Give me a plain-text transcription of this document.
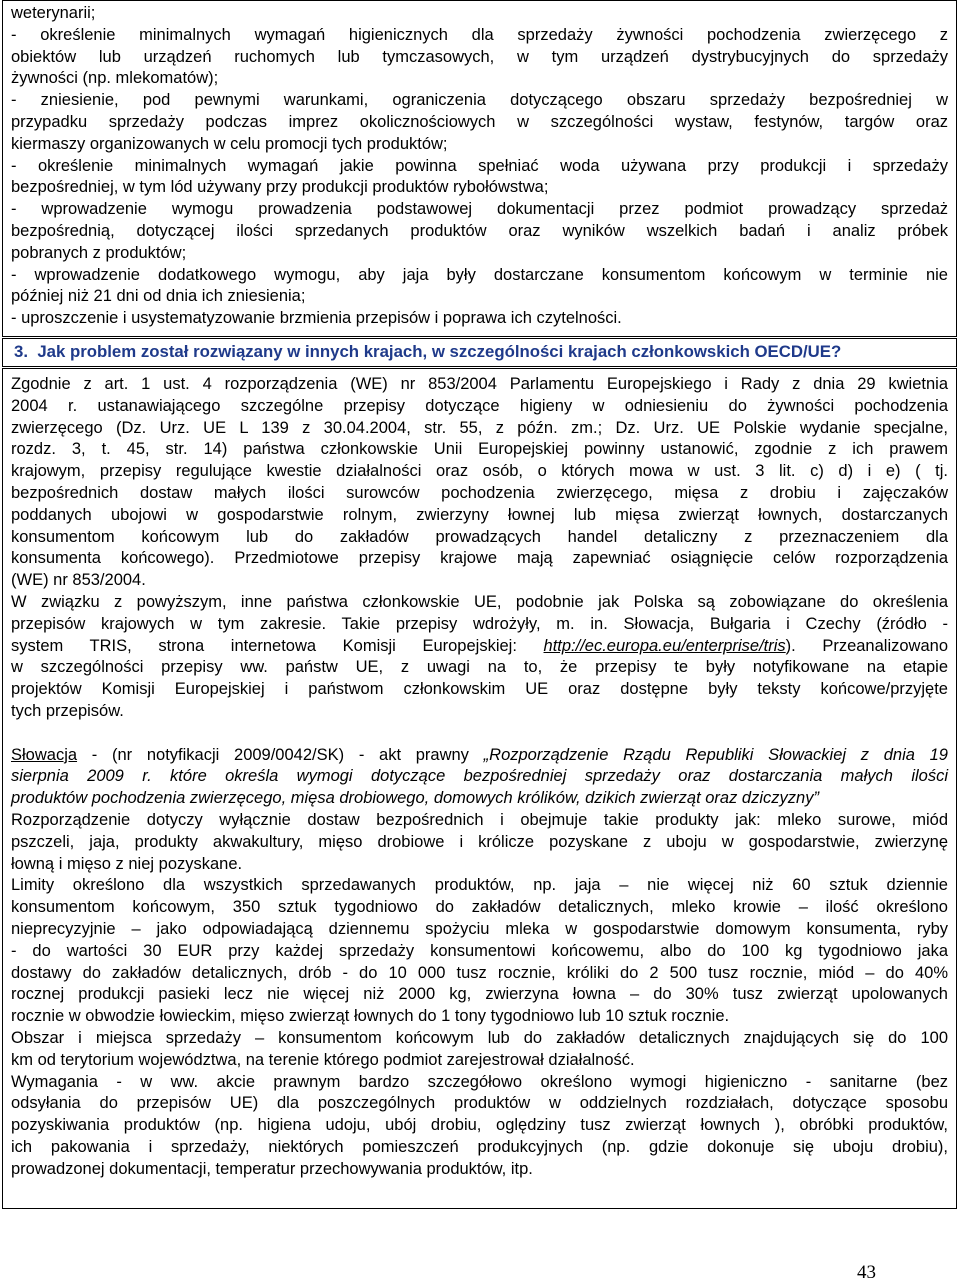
weterynarii;
- określenie minimalnych wymagań higienicznych dla sprzedaży żywności pochodzenia zwierzęcego z
obiektów lub urządzeń ruchomych lub tymczasowych, w tym urządzeń dystrybucyjnych do sprzedaży
żywności (np. mlekomatów);
- zniesienie, pod pewnymi warunkami, ograniczenia dotyczącego obszaru sprzedaży bezpośredniej w
przypadku sprzedaży podczas imprez okolicznościowych w szczególności wystaw, festynów, targów oraz
kiermaszy organizowanych w celu promocji tych produktów;
- określenie minimalnych wymagań jakie powinna spełniać woda używana przy produkcji i sprzedaży
bezpośredniej, w tym lód używany przy produkcji produktów rybołówstwa;
- wprowadzenie wymogu prowadzenia podstawowej dokumentacji przez podmiot prowadzący sprzedaż
bezpośrednią, dotyczącej ilości sprzedanych produktów oraz wyników wszelkich badań i analiz próbek
pobranych z produktów;
- wprowadzenie dodatkowego wymogu, aby jaja były dostarczane konsumentom końcowym w terminie nie
później niż 21 dni od dnia ich zniesienia;
- uproszczenie i usystematyzowanie brzmienia przepisów i poprawa ich czytelności.
3. Jak problem został rozwiązany w innych krajach, w szczególności krajach członkowskich OECD/UE?
Zgodnie z art. 1 ust. 4 rozporządzenia (WE) nr 853/2004 Parlamentu Europejskiego i Rady z dnia 29 kwietnia
2004 r. ustanawiającego szczególne przepisy dotyczące higieny w odniesieniu do żywności pochodzenia
zwierzęcego (Dz. Urz. UE L 139 z 30.04.2004, str. 55, z późn. zm.; Dz. Urz. UE Polskie wydanie specjalne,
rozdz. 3, t. 45, str. 14) państwa członkowskie Unii Europejskiej powinny ustanowić, zgodnie z ich prawem
krajowym, przepisy regulujące kwestie działalności oraz osób, o których mowa w ust. 3 lit. c) d) i e) ( tj.
bezpośrednich dostaw małych ilości surowców pochodzenia zwierzęcego, mięsa z drobiu i zajęczaków
poddanych ubojowi w gospodarstwie rolnym, zwierzyny łownej lub mięsa zwierząt łownych, dostarczanych
konsumentom końcowym lub do zakładów prowadzących handel detaliczny z przeznaczeniem dla
konsumenta końcowego). Przedmiotowe przepisy krajowe mają zapewniać osiągnięcie celów rozporządzenia
(WE) nr 853/2004.
W związku z powyższym, inne państwa członkowskie UE, podobnie jak Polska są zobowiązane do określenia
przepisów krajowych w tym zakresie. Takie przepisy wdrożyły, m. in. Słowacja, Bułgaria i Czechy (źródło -
system TRIS, strona internetowa Komisji Europejskiej: http://ec.europa.eu/enterprise/tris). Przeanalizowano
w szczególności przepisy ww. państw UE, z uwagi na to, że przepisy te były notyfikowane na etapie
projektów Komisji Europejskiej i państwom członkowskim UE oraz dostępne były teksty końcowe/przyjęte
tych przepisów.
Słowacja - (nr notyfikacji 2009/0042/SK) - akt prawny „Rozporządzenie Rządu Republiki Słowackiej z dnia 19
sierpnia 2009 r. które określa wymogi dotyczące bezpośredniej sprzedaży oraz dostarczania małych ilości
produktów pochodzenia zwierzęcego, mięsa drobiowego, domowych królików, dzikich zwierząt oraz dziczyzny”
Rozporządzenie dotyczy wyłącznie dostaw bezpośrednich i obejmuje takie produkty jak: mleko surowe, miód
pszczeli, jaja, produkty akwakultury, mięso drobiowe i królicze pozyskane z uboju w gospodarstwie, zwierzynę
łowną i mięso z niej pozyskane.
Limity określono dla wszystkich sprzedawanych produktów, np. jaja – nie więcej niż 60 sztuk dziennie
konsumentom końcowym, 350 sztuk tygodniowo do zakładów detalicznych, mleko krowie – ilość określono
nieprecyzyjnie – jako odpowiadającą dziennemu spożyciu mleka w gospodarstwie domowym konsumenta, ryby
- do wartości 30 EUR przy każdej sprzedaży konsumentowi końcowemu, albo do 100 kg tygodniowo jaka
dostawy do zakładów detalicznych, drób - do 10 000 tusz rocznie, króliki do 2 500 tusz rocznie, miód – do 40%
rocznej produkcji pasieki lecz nie więcej niż 2000 kg, zwierzyna łowna – do 30% tusz zwierząt upolowanych
rocznie w obwodzie łowieckim, mięso zwierząt łownych do 1 tony tygodniowo lub 10 sztuk rocznie.
Obszar i miejsca sprzedaży – konsumentom końcowym lub do zakładów detalicznych znajdujących się do 100
km od terytorium województwa, na terenie którego podmiot zarejestrował działalność.
Wymagania - w ww. akcie prawnym bardzo szczegółowo określono wymogi higieniczno - sanitarne (bez
odsyłania do przepisów UE) dla poszczególnych produktów w oddzielnych rozdziałach, dotyczące sposobu
pozyskiwania produktów (np. higiena udoju, ubój drobiu, oględziny tusz zwierząt łownych ), obróbki produktów,
ich pakowania i sprzedaży, niektórych pomieszczeń produkcyjnych (np. gdzie dokonuje się uboju drobiu),
prowadzonej dokumentacji, temperatur przechowywania produktów, itp.
43
